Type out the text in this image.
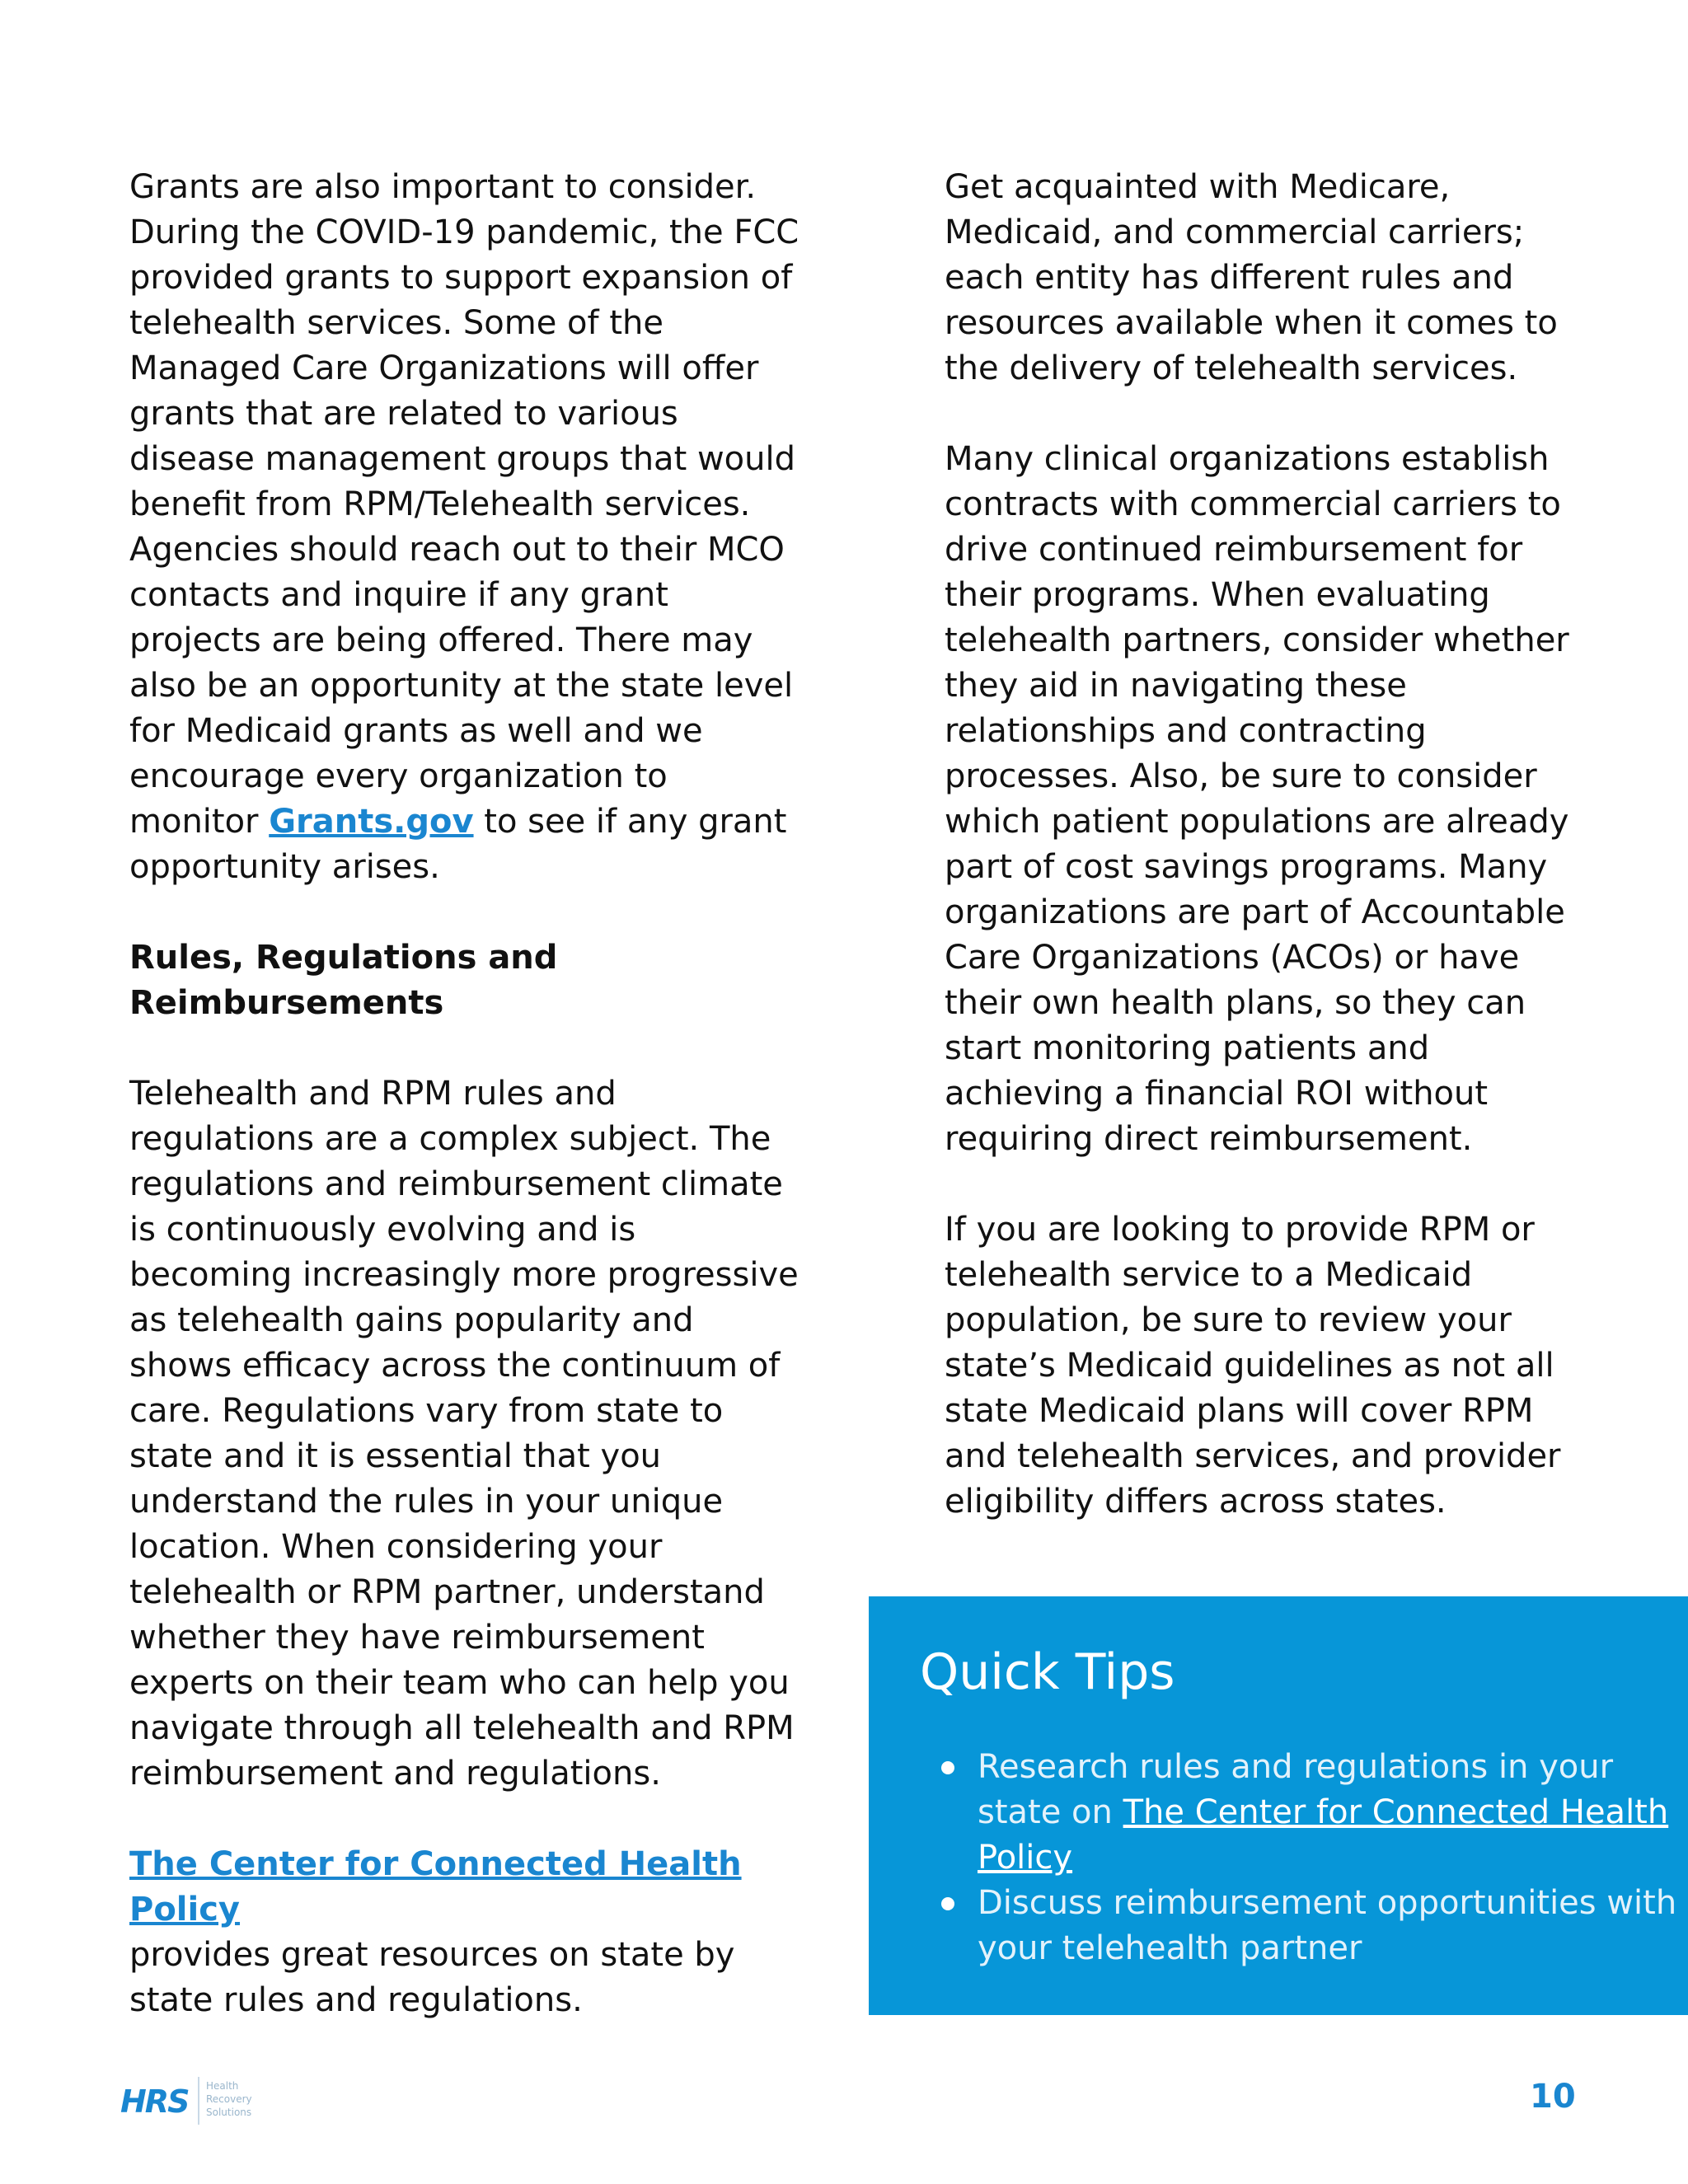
Grants are also important to consider. During the COVID-19 pandemic, the FCC provided grants to support expansion of telehealth services. Some of the Managed Care Organizations will offer grants that are related to various disease management groups that would benefit from RPM/Telehealth services. Agencies should reach out to their MCO contacts and inquire if any grant projects are being offered. There may also be an opportunity at the state level for Medicaid grants as well and we encourage every organization to monitor Grants.gov to see if any grant opportunity arises.

Rules, Regulations and Reimbursements

Telehealth and RPM rules and regulations are a complex subject. The regulations and reimbursement climate is continuously evolving and is becoming increasingly more progressive as telehealth gains popularity and shows efficacy across the continuum of care. Regulations vary from state to state and it is essential that you understand the rules in your unique location. When considering your telehealth or RPM partner, understand whether they have reimbursement experts on their team who can help you navigate through all telehealth and RPM reimbursement and regulations.

The Center for Connected Health Policy
provides great resources on state by state rules and regulations.

Get acquainted with Medicare, Medicaid, and commercial carriers; each entity has different rules and resources available when it comes to the delivery of telehealth services.

Many clinical organizations establish contracts with commercial carriers to drive continued reimbursement for their programs. When evaluating telehealth partners, consider whether they aid in navigating these relationships and contracting processes. Also, be sure to consider which patient populations are already part of cost savings programs. Many organizations are part of Accountable Care Organizations (ACOs) or have their own health plans, so they can start monitoring patients and achieving a financial ROI without requiring direct reimbursement.

If you are looking to provide RPM or telehealth service to a Medicaid population, be sure to review your state’s Medicaid guidelines as not all state Medicaid plans will cover RPM and telehealth services, and provider eligibility differs across states.

Quick Tips
Research rules and regulations in your state on The Center for Connected Health Policy
Discuss reimbursement opportunities with your telehealth partner
HRS Health Recovery Solutions	10
